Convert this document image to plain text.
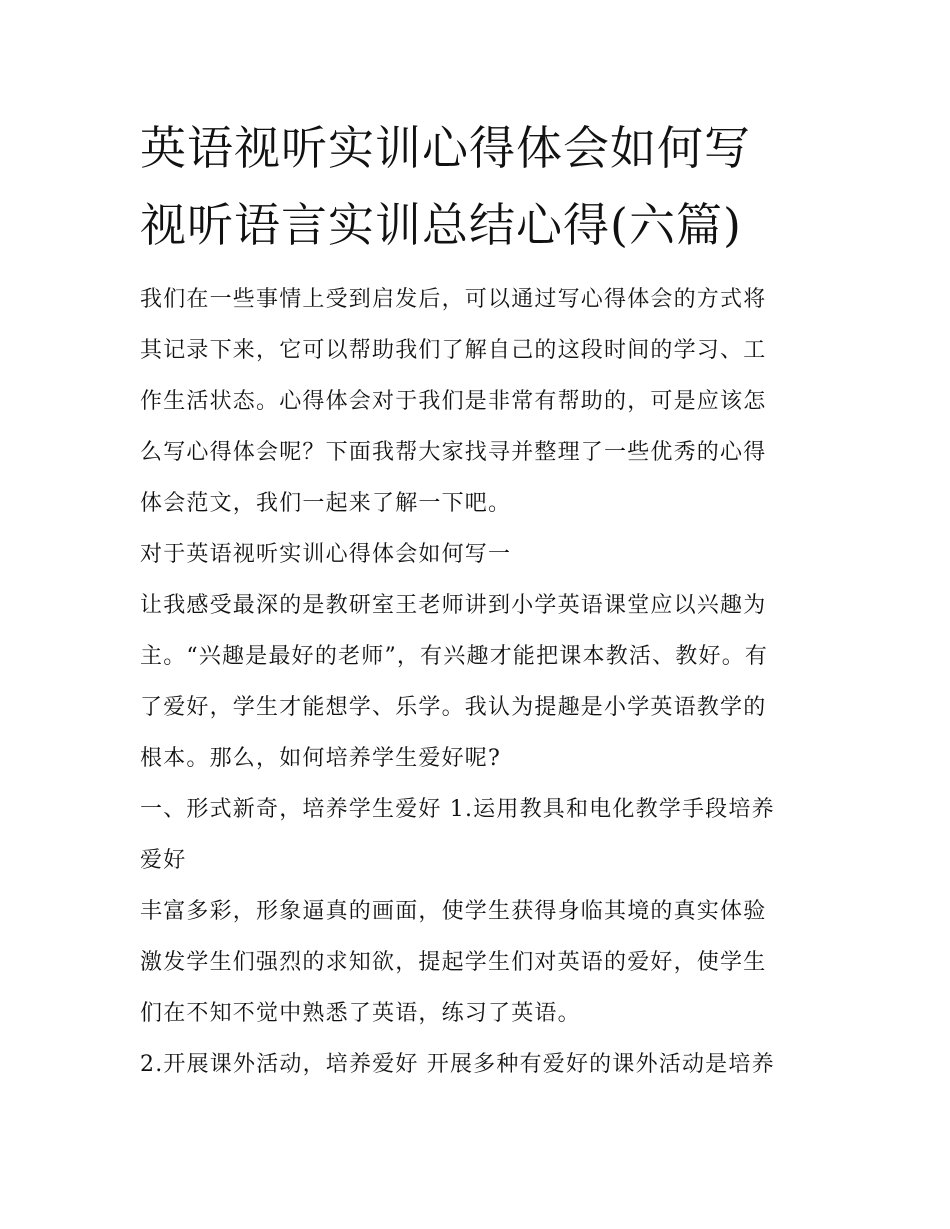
英语视听实训心得体会如何写
视听语言实训总结心得(六篇)

我们在一些事情上受到启发后，可以通过写心得体会的方式将

其记录下来，它可以帮助我们了解自己的这段时间的学习、工

作生活状态。心得体会对于我们是非常有帮助的，可是应该怎

么写心得体会呢？下面我帮大家找寻并整理了一些优秀的心得

体会范文，我们一起来了解一下吧。

对于英语视听实训心得体会如何写一

让我感受最深的是教研室王老师讲到小学英语课堂应以兴趣为

主。“兴趣是最好的老师”，有兴趣才能把课本教活、教好。有

了爱好，学生才能想学、乐学。我认为提趣是小学英语教学的

根本。那么，如何培养学生爱好呢?

一、形式新奇，培养学生爱好 1.运用教具和电化教学手段培养

爱好

丰富多彩，形象逼真的画面，使学生获得身临其境的真实体验

激发学生们强烈的求知欲，提起学生们对英语的爱好，使学生

们在不知不觉中熟悉了英语，练习了英语。

2.开展课外活动，培养爱好 开展多种有爱好的课外活动是培养
